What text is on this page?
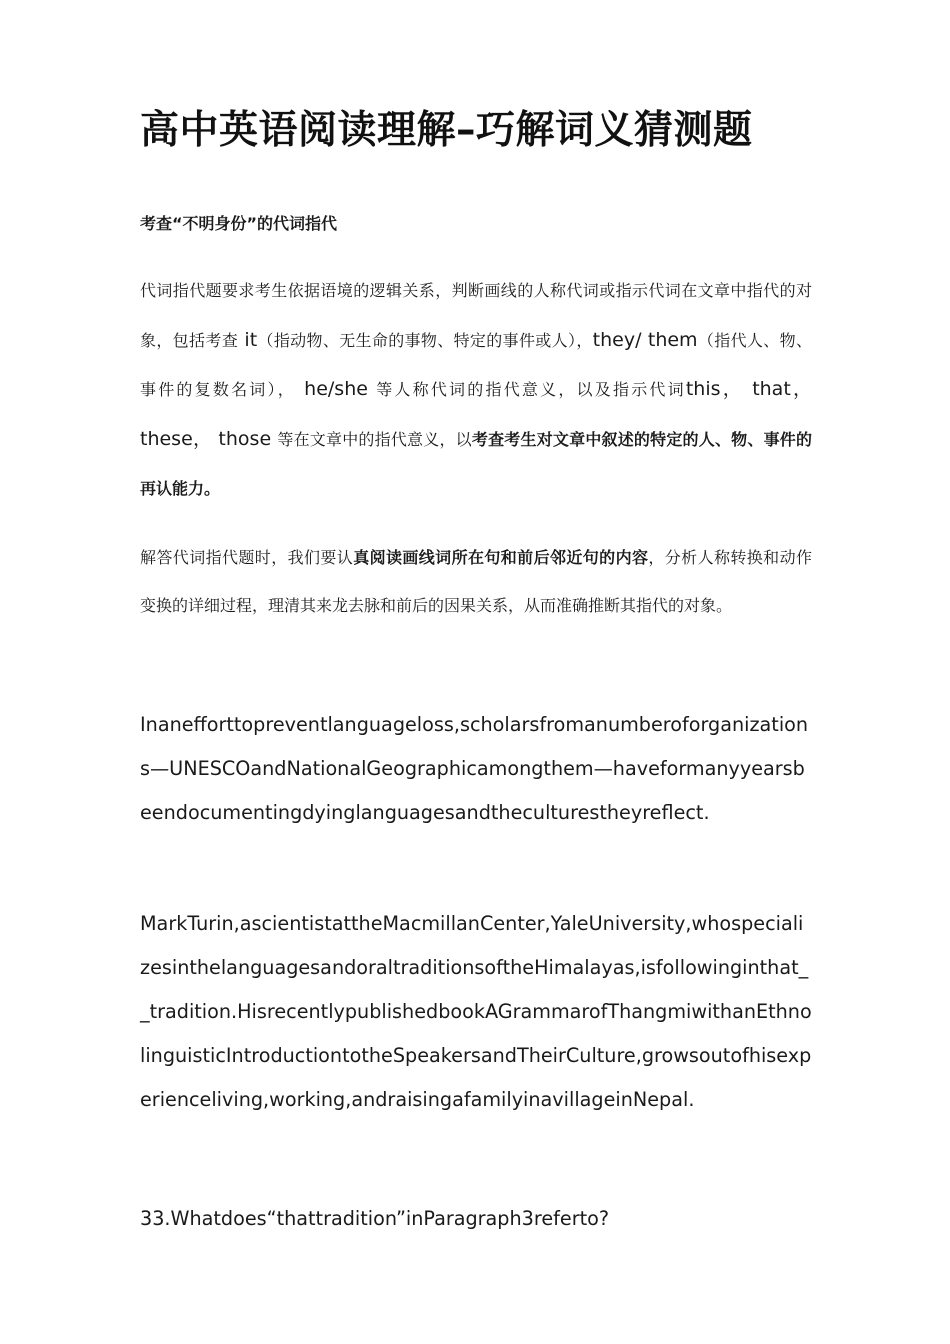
高中英语阅读理解–巧解词义猜测题
考查“不明身份”的代词指代

代词指代题要求考生依据语境的逻辑关系，判断画线的人称代词或指示代词在文章中指代的对象，包括考查 it（指动物、无生命的事物、特定的事件或人），they/ them（指代人、物、事件的复数名词）， he/she 等人称代词的指代意义，以及指示代词this， that， these， those 等在文章中的指代意义，以考查考生对文章中叙述的特定的人、物、事件的再认能力。

解答代词指代题时，我们要认真阅读画线词所在句和前后邻近句的内容，分析人称转换和动作变换的详细过程，理清其来龙去脉和前后的因果关系，从而准确推断其指代的对象。

Inanefforttopreventlanguageloss,scholarsfromanumberoforganizations—UNESCOandNationalGeographicamongthem—haveformanyyearsbeendocumentingdyinglanguagesandtheculturestheyreflect.

MarkTurin,ascientistattheMacmillanCenter,YaleUniversity,whospecializesinthelanguagesandoraltraditionsoftheHimalayas,isfollowinginthat__tradition.HisrecentlypublishedbookAGrammarofThangmiwithanEthnolinguisticIntroductiontotheSpeakersandTheirCulture,growsoutofhisexperienceliving,working,andraisingafamilyinavillageinNepal.

33.Whatdoes“thattradition”inParagraph3referto?
